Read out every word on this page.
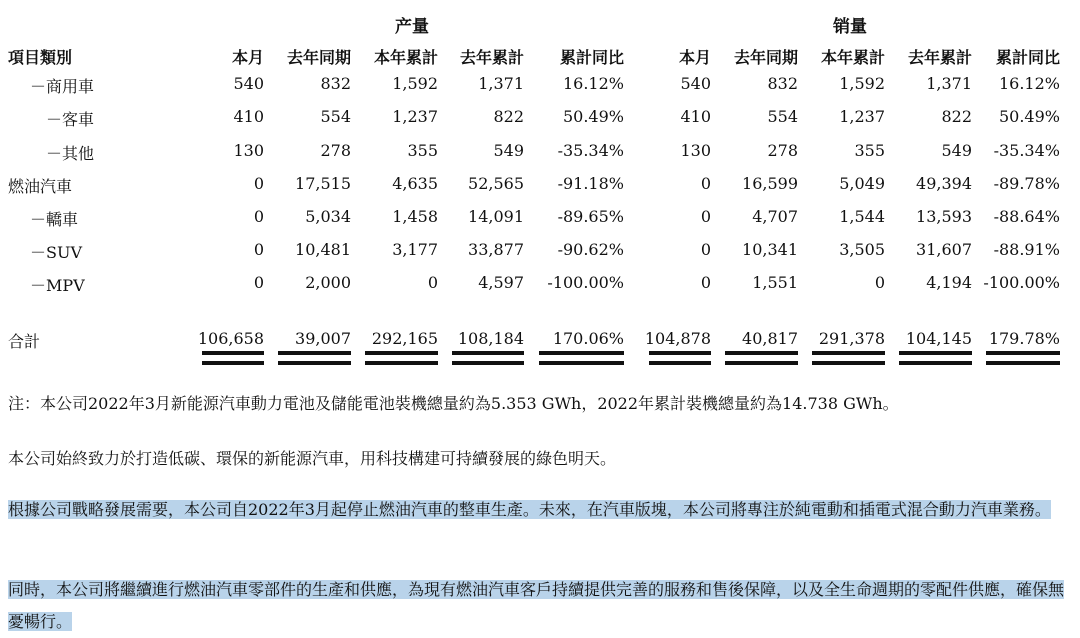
产量	销量
項目類別	本月	去年同期	本年累計	去年累計	累計同比	本月	去年同期	本年累計	去年累計	累計同比
－商用車	540	832	1,592	1,371	16.12%	540	832	1,592	1,371	16.12%
－客車	410	554	1,237	822	50.49%	410	554	1,237	822	50.49%
－其他	130	278	355	549	-35.34%	130	278	355	549	-35.34%
燃油汽車	0	17,515	4,635	52,565	-91.18%	0	16,599	5,049	49,394	-89.78%
－轎車	0	5,034	1,458	14,091	-89.65%	0	4,707	1,544	13,593	-88.64%
－SUV	0	10,481	3,177	33,877	-90.62%	0	10,341	3,505	31,607	-88.91%
－MPV	0	2,000	0	4,597	-100.00%	0	1,551	0	4,194 -100.00%
合計	106,658	39,007	292,165	108,184	170.06%	104,878	40,817	291,378	104,145	179.78%
注：本公司2022年3月新能源汽車動力電池及儲能電池裝機總量約為5.353 GWh，2022年累計裝機總量約為14.738 GWh。
本公司始終致力於打造低碳、環保的新能源汽車，用科技構建可持續發展的綠色明天。
根據公司戰略發展需要，本公司自2022年3月起停止燃油汽車的整車生產。未來，在汽車版塊，本公司將專注於純電動和插電式混合動力汽車業務。
同時，本公司將繼續進行燃油汽車零部件的生產和供應，為現有燃油汽車客戶持續提供完善的服務和售後保障，以及全生命週期的零配件供應，確保無憂暢行。
